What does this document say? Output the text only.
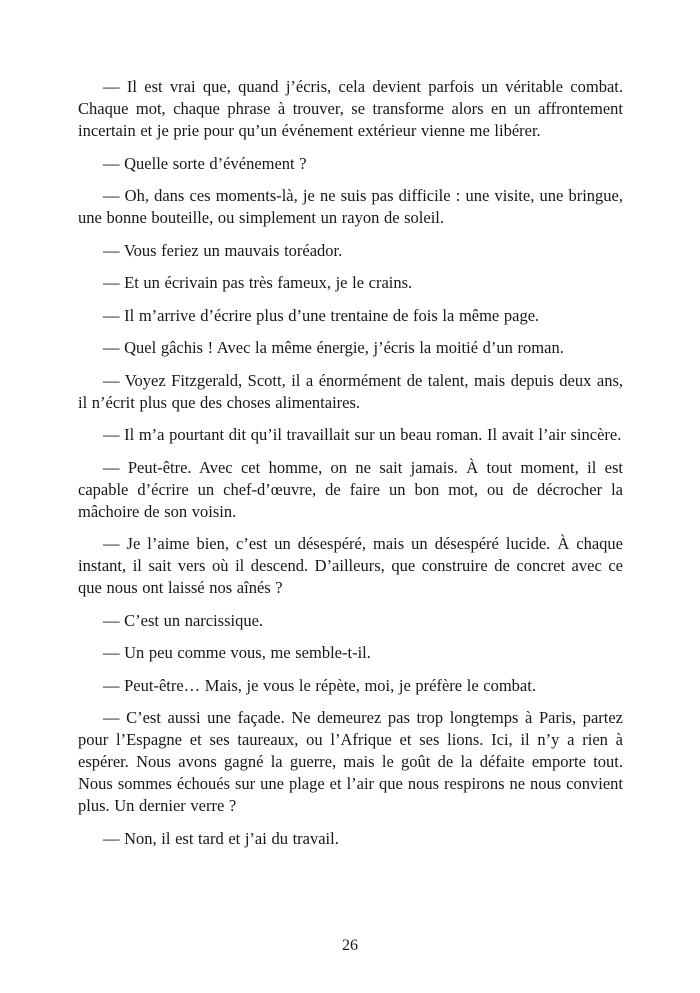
— Il est vrai que, quand j’écris, cela devient parfois un véritable combat. Chaque mot, chaque phrase à trouver, se transforme alors en un affrontement incertain et je prie pour qu’un événement extérieur vienne me libérer.

— Quelle sorte d’événement ?

— Oh, dans ces moments-là, je ne suis pas difficile : une visite, une bringue, une bonne bouteille, ou simplement un rayon de soleil.

— Vous feriez un mauvais toréador.

— Et un écrivain pas très fameux, je le crains.

— Il m’arrive d’écrire plus d’une trentaine de fois la même page.

— Quel gâchis ! Avec la même énergie, j’écris la moitié d’un roman.

— Voyez Fitzgerald, Scott, il a énormément de talent, mais depuis deux ans, il n’écrit plus que des choses alimentaires.

— Il m’a pourtant dit qu’il travaillait sur un beau roman. Il avait l’air sincère.

— Peut-être. Avec cet homme, on ne sait jamais. À tout moment, il est capable d’écrire un chef-d’œuvre, de faire un bon mot, ou de décrocher la mâchoire de son voisin.

— Je l’aime bien, c’est un désespéré, mais un désespéré lucide. À chaque instant, il sait vers où il descend. D’ailleurs, que construire de concret avec ce que nous ont laissé nos aînés ?

— C’est un narcissique.

— Un peu comme vous, me semble-t-il.

— Peut-être… Mais, je vous le répète, moi, je préfère le combat.

— C’est aussi une façade. Ne demeurez pas trop longtemps à Paris, partez pour l’Espagne et ses taureaux, ou l’Afrique et ses lions. Ici, il n’y a rien à espérer. Nous avons gagné la guerre, mais le goût de la défaite emporte tout. Nous sommes échoués sur une plage et l’air que nous respirons ne nous convient plus. Un dernier verre ?

— Non, il est tard et j’ai du travail.

26
